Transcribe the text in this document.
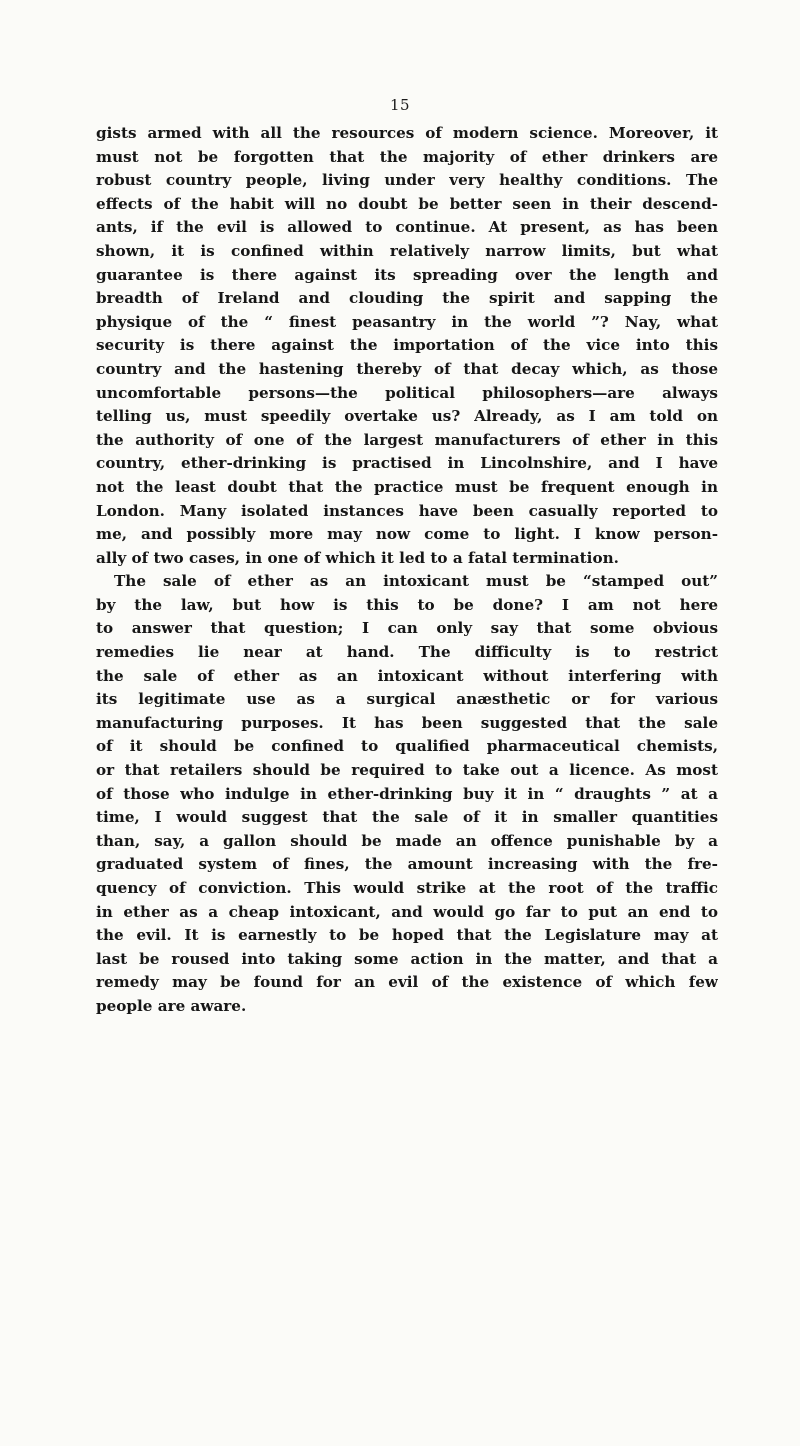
15
gists armed with all the resources of modern science. Moreover, it
must not be forgotten that the majority of ether drinkers are
robust country people, living under very healthy conditions. The
effects of the habit will no doubt be better seen in their descend-
ants, if the evil is allowed to continue. At present, as has been
shown, it is confined within relatively narrow limits, but what
guarantee is there against its spreading over the length and
breadth of Ireland and clouding the spirit and sapping the
physique of the “ finest peasantry in the world ”? Nay, what
security is there against the importation of the vice into this
country and the hastening thereby of that decay which, as those
uncomfortable persons—the political philosophers—are always
telling us, must speedily overtake us? Already, as I am told on
the authority of one of the largest manufacturers of ether in this
country, ether-drinking is practised in Lincolnshire, and I have
not the least doubt that the practice must be frequent enough in
London. Many isolated instances have been casually reported to
me, and possibly more may now come to light. I know person-
ally of two cases, in one of which it led to a fatal termination.
The sale of ether as an intoxicant must be “stamped out”
by the law, but how is this to be done? I am not here
to answer that question; I can only say that some obvious
remedies lie near at hand. The difficulty is to restrict
the sale of ether as an intoxicant without interfering with
its legitimate use as a surgical anæsthetic or for various
manufacturing purposes. It has been suggested that the sale
of it should be confined to qualified pharmaceutical chemists,
or that retailers should be required to take out a licence. As most
of those who indulge in ether-drinking buy it in “ draughts ” at a
time, I would suggest that the sale of it in smaller quantities
than, say, a gallon should be made an offence punishable by a
graduated system of fines, the amount increasing with the fre-
quency of conviction. This would strike at the root of the traffic
in ether as a cheap intoxicant, and would go far to put an end to
the evil. It is earnestly to be hoped that the Legislature may at
last be roused into taking some action in the matter, and that a
remedy may be found for an evil of the existence of which few
people are aware.
